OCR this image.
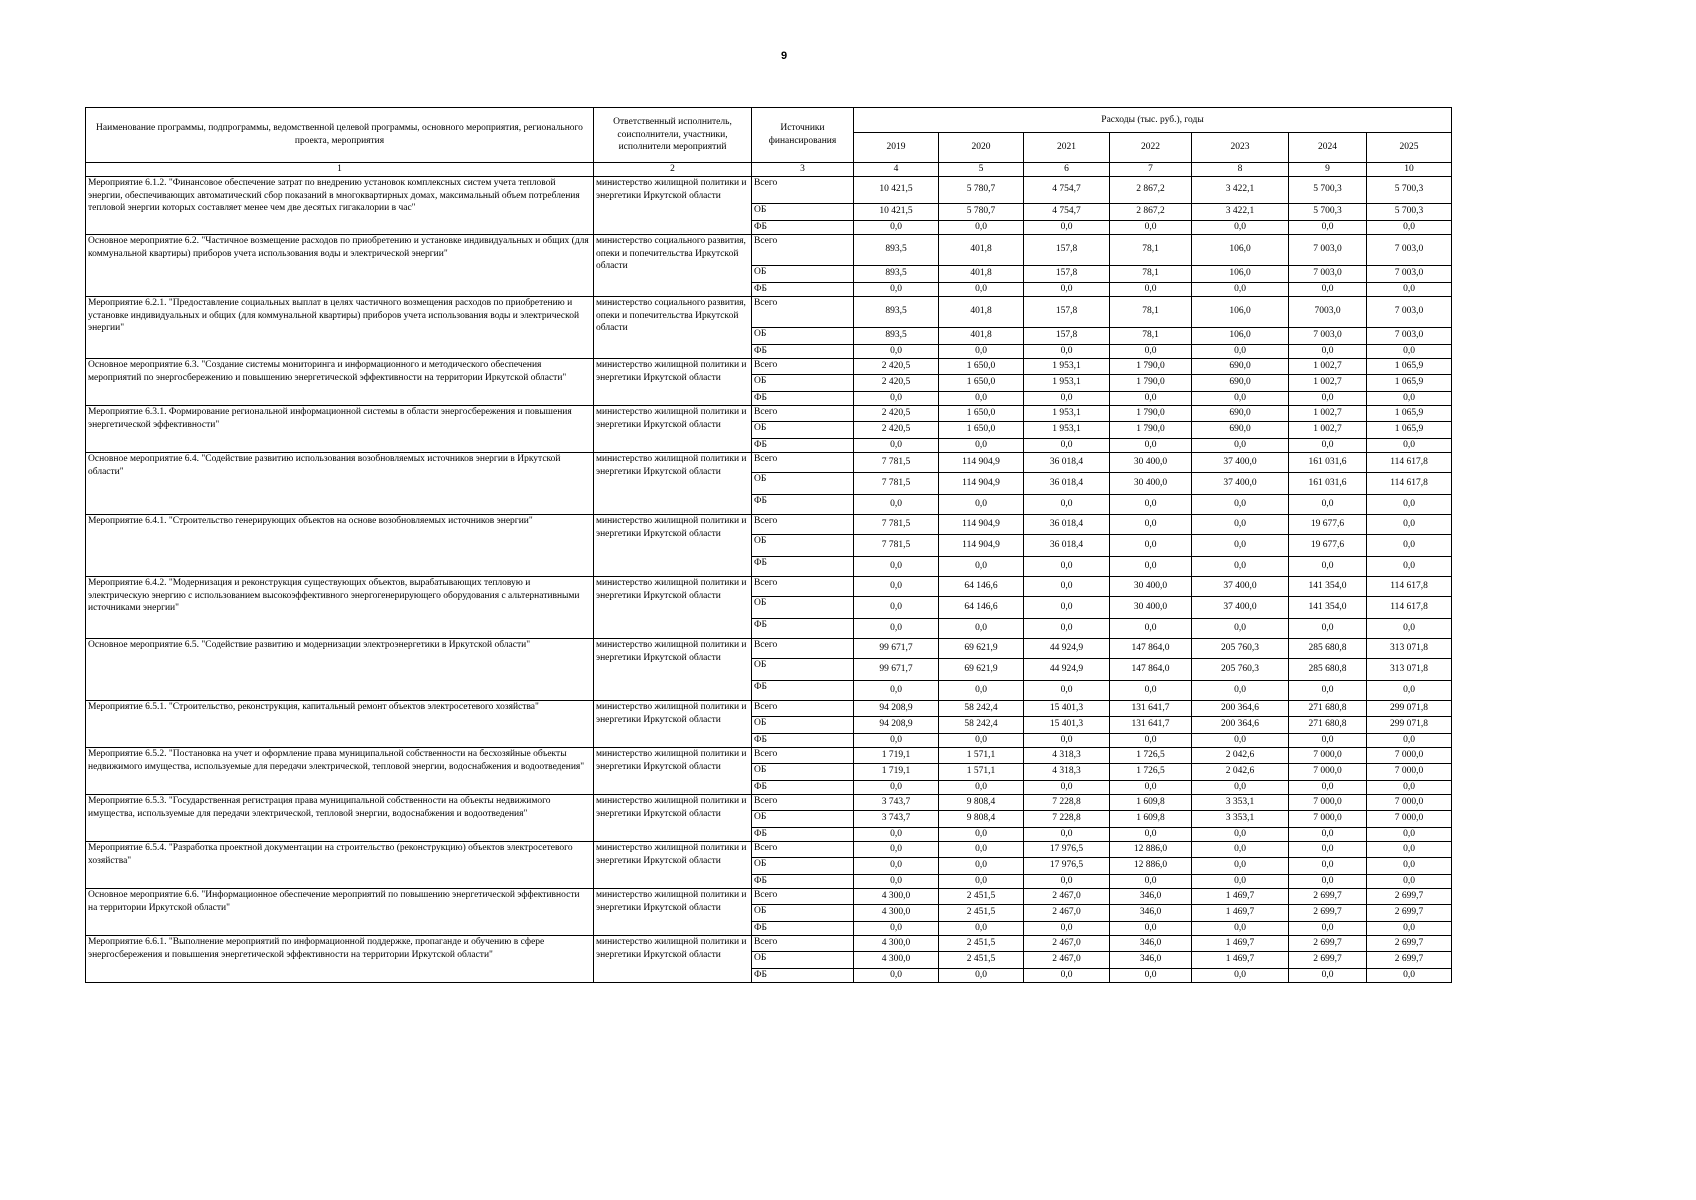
9
Наименование программы, подпрограммы, ведомственной целевой программы, основного мероприятия, регионального проекта, мероприятия	Ответственный исполнитель, соисполнители, участники, исполнители мероприятий	Источники финансирования	Расходы (тыс. руб.), годы						
			2019	2020	2021	2022	2023	2024	2025
1	2	3	4	5	6	7	8	9	10
Мероприятие 6.1.2. "Финансовое обеспечение затрат по внедрению установок комплексных систем учета тепловой энергии, обеспечивающих автоматический сбор показаний в многоквартирных домах, максимальный объем потребления тепловой энергии которых составляет менее чем две десятых гигакалории в час"	министерство жилищной политики и энергетики Иркутской области	Всего	10 421,5	5 780,7	4 754,7	2 867,2	3 422,1	5 700,3	5 700,3
		ОБ	10 421,5	5 780,7	4 754,7	2 867,2	3 422,1	5 700,3	5 700,3
		ФБ	0,0	0,0	0,0	0,0	0,0	0,0	0,0
Основное мероприятие 6.2. "Частичное возмещение расходов по приобретению и установке индивидуальных и общих (для коммунальной квартиры) приборов учета использования воды и электрической энергии"	министерство социального развития, опеки и попечительства Иркутской области	Всего	893,5	401,8	157,8	78,1	106,0	7 003,0	7 003,0
		ОБ	893,5	401,8	157,8	78,1	106,0	7 003,0	7 003,0
		ФБ	0,0	0,0	0,0	0,0	0,0	0,0	0,0
Мероприятие 6.2.1. "Предоставление социальных выплат в целях частичного возмещения расходов по приобретению и установке индивидуальных и общих (для коммунальной квартиры) приборов учета использования воды и электрической энергии"	министерство социального развития, опеки и попечительства Иркутской области	Всего	893,5	401,8	157,8	78,1	106,0	7003,0	7 003,0
		ОБ	893,5	401,8	157,8	78,1	106,0	7 003,0	7 003,0
		ФБ	0,0	0,0	0,0	0,0	0,0	0,0	0,0
Основное мероприятие 6.3. "Создание системы мониторинга и информационного и методического обеспечения мероприятий по энергосбережению и повышению энергетической эффективности на территории Иркутской области"	министерство жилищной политики и энергетики Иркутской области	Всего	2 420,5	1 650,0	1 953,1	1 790,0	690,0	1 002,7	1 065,9
		ОБ	2 420,5	1 650,0	1 953,1	1 790,0	690,0	1 002,7	1 065,9
		ФБ	0,0	0,0	0,0	0,0	0,0	0,0	0,0
Мероприятие 6.3.1. Формирование региональной информационной системы в области энергосбережения и повышения энергетической эффективности"	министерство жилищной политики и энергетики Иркутской области	Всего	2 420,5	1 650,0	1 953,1	1 790,0	690,0	1 002,7	1 065,9
		ОБ	2 420,5	1 650,0	1 953,1	1 790,0	690,0	1 002,7	1 065,9
		ФБ	0,0	0,0	0,0	0,0	0,0	0,0	0,0
Основное мероприятие 6.4. "Содействие развитию использования возобновляемых источников энергии в Иркутской области"	министерство жилищной политики и энергетики Иркутской области	Всего	7 781,5	114 904,9	36 018,4	30 400,0	37 400,0	161 031,6	114 617,8
		ОБ	7 781,5	114 904,9	36 018,4	30 400,0	37 400,0	161 031,6	114 617,8
		ФБ	0,0	0,0	0,0	0,0	0,0	0,0	0,0
Мероприятие 6.4.1. "Строительство генерирующих объектов на основе возобновляемых источников энергии"	министерство жилищной политики и энергетики Иркутской области	Всего	7 781,5	114 904,9	36 018,4	0,0	0,0	19 677,6	0,0
		ОБ	7 781,5	114 904,9	36 018,4	0,0	0,0	19 677,6	0,0
		ФБ	0,0	0,0	0,0	0,0	0,0	0,0	0,0
Мероприятие 6.4.2. "Модернизация и реконструкция существующих объектов, вырабатывающих тепловую и электрическую энергию с использованием высокоэффективного энергогенерирующего оборудования с альтернативными источниками энергии"	министерство жилищной политики и энергетики Иркутской области	Всего	0,0	64 146,6	0,0	30 400,0	37 400,0	141 354,0	114 617,8
		ОБ	0,0	64 146,6	0,0	30 400,0	37 400,0	141 354,0	114 617,8
		ФБ	0,0	0,0	0,0	0,0	0,0	0,0	0,0
Основное мероприятие 6.5. "Содействие развитию и модернизации электроэнергетики в Иркутской области"	министерство жилищной политики и энергетики Иркутской области	Всего	99 671,7	69 621,9	44 924,9	147 864,0	205 760,3	285 680,8	313 071,8
		ОБ	99 671,7	69 621,9	44 924,9	147 864,0	205 760,3	285 680,8	313 071,8
		ФБ	0,0	0,0	0,0	0,0	0,0	0,0	0,0
Мероприятие 6.5.1. "Строительство, реконструкция, капитальный ремонт объектов электросетевого хозяйства"	министерство жилищной политики и энергетики Иркутской области	Всего	94 208,9	58 242,4	15 401,3	131 641,7	200 364,6	271 680,8	299 071,8
		ОБ	94 208,9	58 242,4	15 401,3	131 641,7	200 364,6	271 680,8	299 071,8
		ФБ	0,0	0,0	0,0	0,0	0,0	0,0	0,0
Мероприятие 6.5.2. "Постановка на учет и оформление права муниципальной собственности на бесхозяйные объекты недвижимого имущества, используемые для передачи электрической, тепловой энергии, водоснабжения и водоотведения"	министерство жилищной политики и энергетики Иркутской области	Всего	1 719,1	1 571,1	4 318,3	1 726,5	2 042,6	7 000,0	7 000,0
		ОБ	1 719,1	1 571,1	4 318,3	1 726,5	2 042,6	7 000,0	7 000,0
		ФБ	0,0	0,0	0,0	0,0	0,0	0,0	0,0
Мероприятие 6.5.3. "Государственная регистрация права муниципальной собственности на объекты недвижимого имущества, используемые для передачи электрической, тепловой энергии, водоснабжения и водоотведения"	министерство жилищной политики и энергетики Иркутской области	Всего	3 743,7	9 808,4	7 228,8	1 609,8	3 353,1	7 000,0	7 000,0
		ОБ	3 743,7	9 808,4	7 228,8	1 609,8	3 353,1	7 000,0	7 000,0
		ФБ	0,0	0,0	0,0	0,0	0,0	0,0	0,0
Мероприятие 6.5.4. "Разработка проектной документации на строительство (реконструкцию) объектов электросетевого хозяйства"	министерство жилищной политики и энергетики Иркутской области	Всего	0,0	0,0	17 976,5	12 886,0	0,0	0,0	0,0
		ОБ	0,0	0,0	17 976,5	12 886,0	0,0	0,0	0,0
		ФБ	0,0	0,0	0,0	0,0	0,0	0,0	0,0
Основное мероприятие 6.6. "Информационное обеспечение мероприятий по повышению энергетической эффективности на территории Иркутской области"	министерство жилищной политики и энергетики Иркутской области	Всего	4 300,0	2 451,5	2 467,0	346,0	1 469,7	2 699,7	2 699,7
		ОБ	4 300,0	2 451,5	2 467,0	346,0	1 469,7	2 699,7	2 699,7
		ФБ	0,0	0,0	0,0	0,0	0,0	0,0	0,0
Мероприятие 6.6.1. "Выполнение мероприятий по информационной поддержке, пропаганде и обучению в сфере энергосбережения и повышения энергетической эффективности на территории Иркутской области"	министерство жилищной политики и энергетики Иркутской области	Всего	4 300,0	2 451,5	2 467,0	346,0	1 469,7	2 699,7	2 699,7
		ОБ	4 300,0	2 451,5	2 467,0	346,0	1 469,7	2 699,7	2 699,7
		ФБ	0,0	0,0	0,0	0,0	0,0	0,0	0,0
